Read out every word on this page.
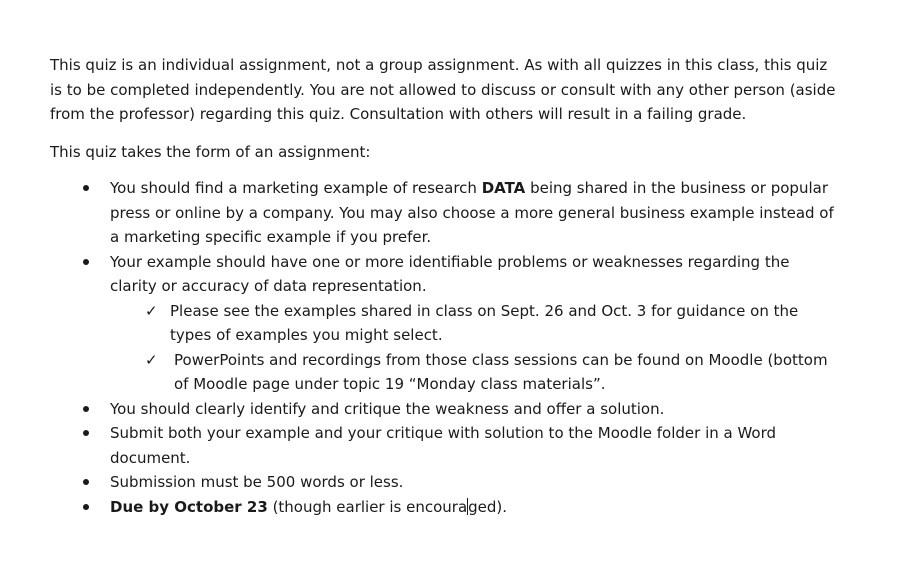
This quiz is an individual assignment, not a group assignment. As with all quizzes in this class, this quiz is to be completed independently. You are not allowed to discuss or consult with any other person (aside from the professor) regarding this quiz. Consultation with others will result in a failing grade.

This quiz takes the form of an assignment:

You should find a marketing example of research DATA being shared in the business or popular press or online by a company. You may also choose a more general business example instead of a marketing specific example if you prefer.
Your example should have one or more identifiable problems or weaknesses regarding the clarity or accuracy of data representation.
✓ Please see the examples shared in class on Sept. 26 and Oct. 3 for guidance on the types of examples you might select.
✓ PowerPoints and recordings from those class sessions can be found on Moodle (bottom of Moodle page under topic 19 “Monday class materials”.
You should clearly identify and critique the weakness and offer a solution.
Submit both your example and your critique with solution to the Moodle folder in a Word document.
Submission must be 500 words or less.
Due by October 23 (though earlier is encouraged).
